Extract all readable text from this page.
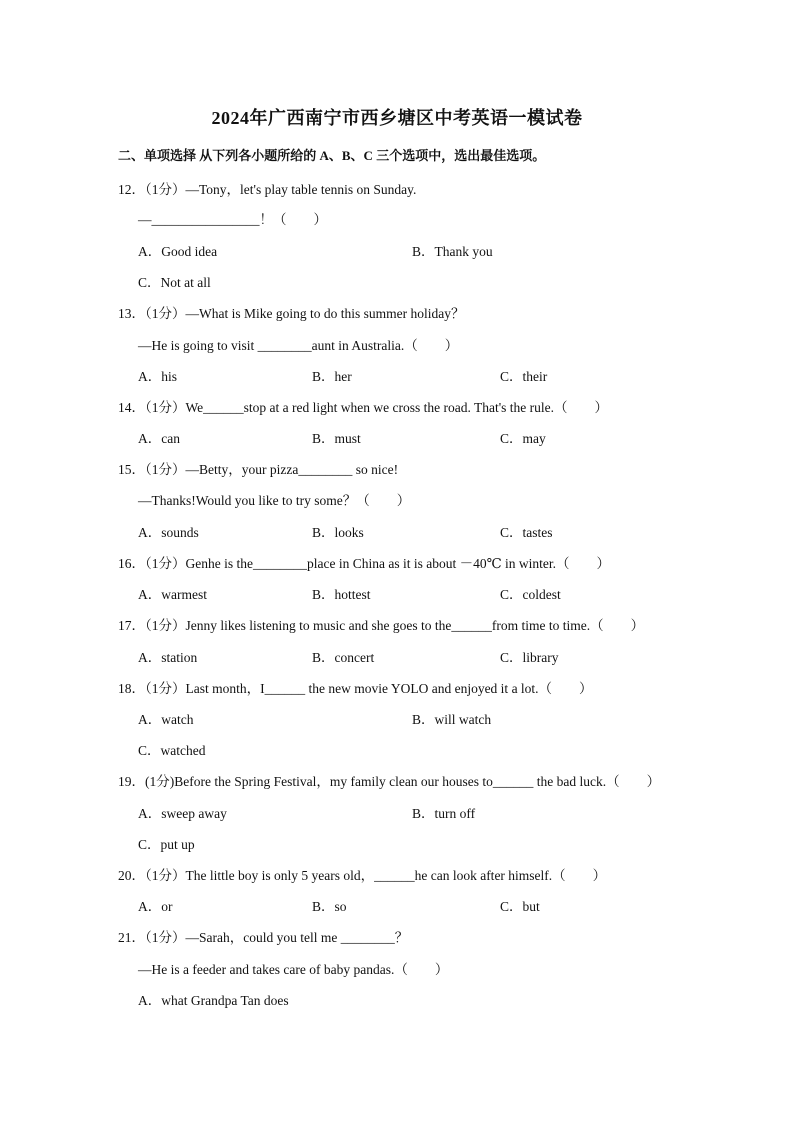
2024年广西南宁市西乡塘区中考英语一模试卷
二、单项选择 从下列各小题所给的 A、B、C 三个选项中，选出最佳选项。
12．（1分）—Tony，let's play table tennis on Sunday.
—________________！（　　）
A．Good idea	B．Thank you
C．Not at all
13．（1分）—What is Mike going to do this summer holiday？
—He is going to visit ________aunt in Australia.（　　）
A．his	B．her	C．their
14．（1分）We______stop at a red light when we cross the road. That's the rule.（　　）
A．can	B．must	C．may
15．（1分）—Betty，your pizza________ so nice!
—Thanks!Would you like to try some？（　　）
A．sounds	B．looks	C．tastes
16．（1分）Genhe is the________place in China as it is about －40℃ in winter.（　　）
A．warmest	B．hottest	C．coldest
17．（1分）Jenny likes listening to music and she goes to the______from time to time.（　　）
A．station	B．concert	C．library
18．（1分）Last month，I______ the new movie YOLO and enjoyed it a lot.（　　）
A．watch	B．will watch
C．watched
19．(1分)Before the Spring Festival，my family clean our houses to______ the bad luck.（　　）
A．sweep away	B．turn off
C．put up
20．（1分）The little boy is only 5 years old，______he can look after himself.（　　）
A．or	B．so	C．but
21．（1分）—Sarah，could you tell me ________？
—He is a feeder and takes care of baby pandas.（　　）
A．what Grandpa Tan does
